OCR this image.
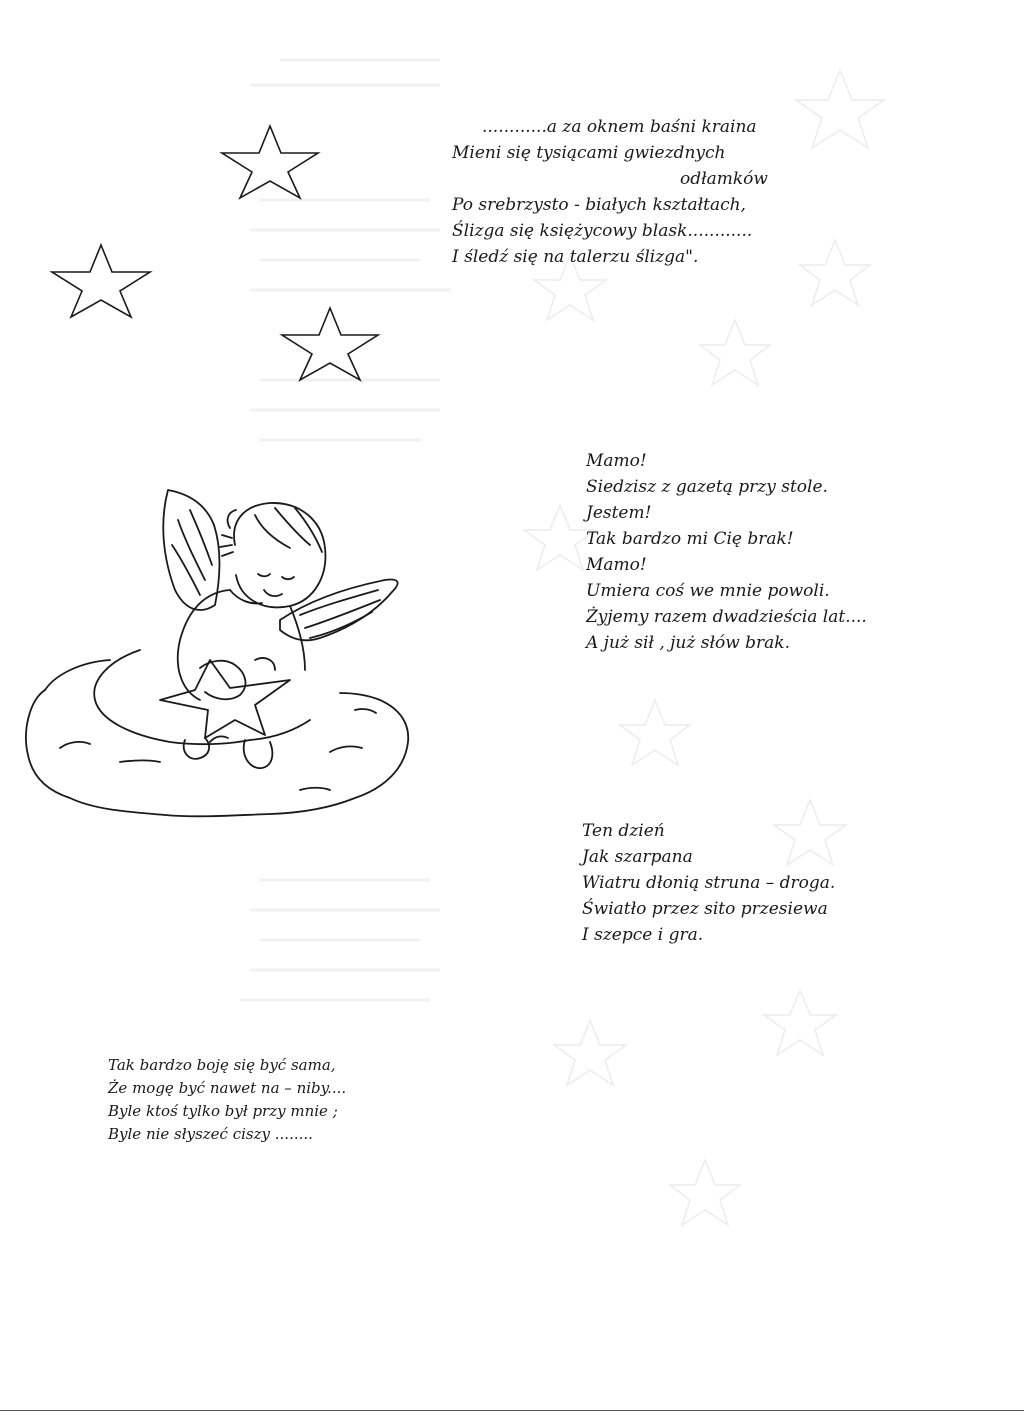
............a za oknem baśni kraina
Mieni się tysiącami gwiezdnych
odłamków
Po srebrzysto - białych kształtach,
Ślizga się księżycowy blask............
I śledź się na talerzu ślizga".
Mamo!
Siedzisz z gazetą przy stole.
Jestem!
Tak bardzo mi Cię brak!
Mamo!
Umiera coś we mnie powoli.
Żyjemy razem dwadzieścia lat....
A już sił , już słów brak.
Ten dzień
Jak szarpana
Wiatru dłonią struna – droga.
Światło przez sito przesiewa
I szepce i gra.
Tak bardzo boję się być sama,
Że mogę być nawet na – niby....
Byle ktoś tylko był przy mnie ;
Byle nie słyszeć ciszy ........
